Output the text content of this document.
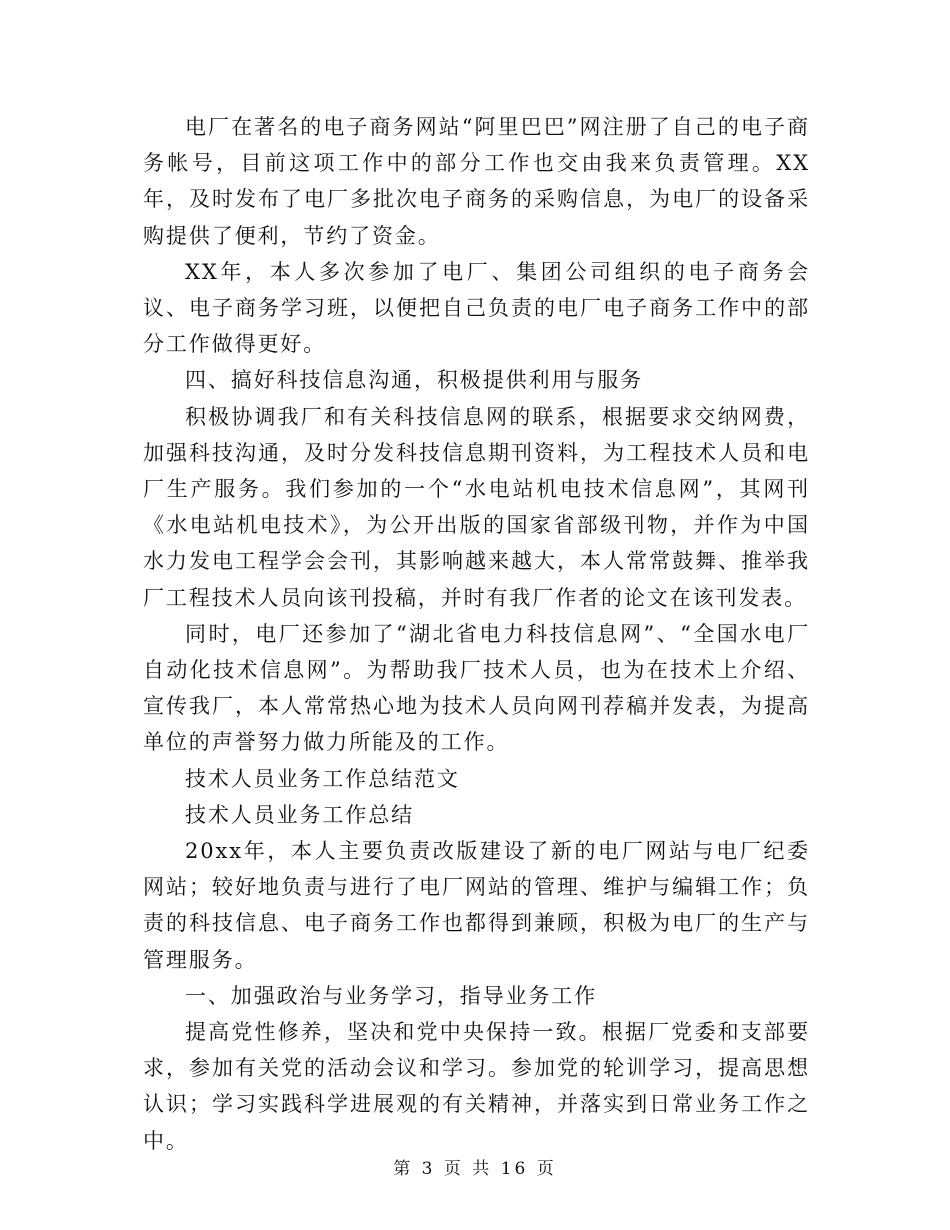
电厂在著名的电子商务网站“阿里巴巴”网注册了自己的电子商务帐号，目前这项工作中的部分工作也交由我来负责管理。XX年，及时发布了电厂多批次电子商务的采购信息，为电厂的设备采购提供了便利，节约了资金。

XX年，本人多次参加了电厂、集团公司组织的电子商务会议、电子商务学习班，以便把自己负责的电厂电子商务工作中的部分工作做得更好。

四、搞好科技信息沟通，积极提供利用与服务

积极协调我厂和有关科技信息网的联系，根据要求交纳网费，加强科技沟通，及时分发科技信息期刊资料，为工程技术人员和电厂生产服务。我们参加的一个“水电站机电技术信息网”，其网刊《水电站机电技术》，为公开出版的国家省部级刊物，并作为中国水力发电工程学会会刊，其影响越来越大，本人常常鼓舞、推举我厂工程技术人员向该刊投稿，并时有我厂作者的论文在该刊发表。

同时，电厂还参加了“湖北省电力科技信息网”、“全国水电厂自动化技术信息网”。为帮助我厂技术人员，也为在技术上介绍、宣传我厂，本人常常热心地为技术人员向网刊荐稿并发表，为提高单位的声誉努力做力所能及的工作。

技术人员业务工作总结范文

技术人员业务工作总结

20xx年，本人主要负责改版建设了新的电厂网站与电厂纪委网站；较好地负责与进行了电厂网站的管理、维护与编辑工作；负责的科技信息、电子商务工作也都得到兼顾，积极为电厂的生产与管理服务。

一、加强政治与业务学习，指导业务工作

提高党性修养，坚决和党中央保持一致。根据厂党委和支部要求，参加有关党的活动会议和学习。参加党的轮训学习，提高思想认识；学习实践科学进展观的有关精神，并落实到日常业务工作之中。

第 3 页 共 16 页
